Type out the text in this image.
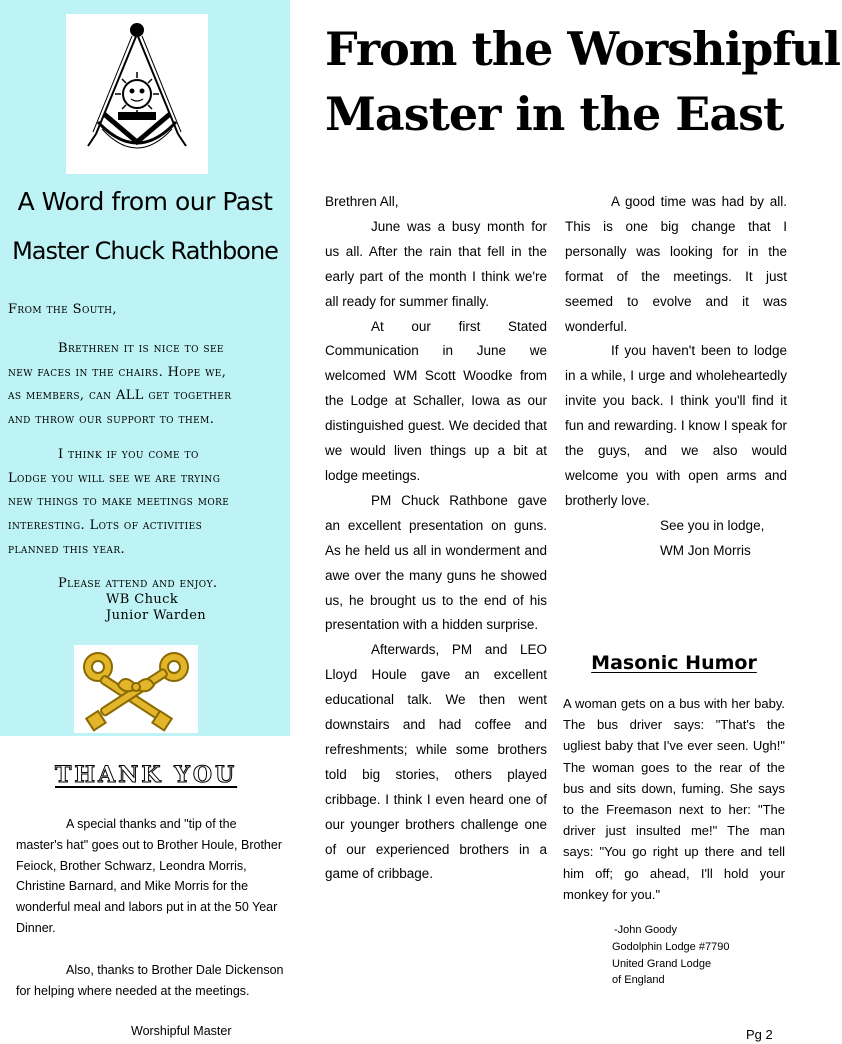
A Word from our Past
Master Chuck Rathbone
From the South,
Brethren it is nice to see
new faces in the chairs. Hope we,
as members, can ALL get together
and throw our support to them.
I think if you come to
Lodge you will see we are trying
new things to make meetings more
interesting. Lots of activities
planned this year.
Please attend and enjoy.
WB Chuck
Junior Warden
THANK YOU

A special thanks and "tip of the master's hat" goes out to Brother Houle, Brother Feiock, Brother Schwarz, Leondra Morris, Christine Barnard, and Mike Morris for the wonderful meal and labors put in at the 50 Year Dinner.

Also, thanks to Brother Dale Dickenson for helping where needed at the meetings.

Worshipful Master
From the Worshipful
Master in the East

Brethren All,

June was a busy month for us all. After the rain that fell in the early part of the month I think we're all ready for summer finally.

At our first Stated Communication in June we welcomed WM Scott Woodke from the Lodge at Schaller, Iowa as our distinguished guest. We decided that we would liven things up a bit at lodge meetings.

PM Chuck Rathbone gave an excellent presentation on guns. As he held us all in wonderment and awe over the many guns he showed us, he brought us to the end of his presentation with a hidden surprise.

Afterwards, PM and LEO Lloyd Houle gave an excellent educational talk. We then went downstairs and had coffee and refreshments; while some brothers told big stories, others played cribbage. I think I even heard one of our younger brothers challenge one of our experienced brothers in a game of cribbage.

A good time was had by all. This is one big change that I personally was looking for in the format of the meetings. It just seemed to evolve and it was wonderful.

If you haven't been to lodge in a while, I urge and wholeheartedly invite you back. I think you'll find it fun and rewarding. I know I speak for the guys, and we also would welcome you with open arms and brotherly love.

See you in lodge,

WM Jon Morris

Masonic Humor
A woman gets on a bus with her baby. The bus driver says: "That's the ugliest baby that I've ever seen. Ugh!" The woman goes to the rear of the bus and sits down, fuming. She says to the Freemason next to her: "The driver just insulted me!" The man says: "You go right up there and tell him off; go ahead, I'll hold your monkey for you."
-John Goody
Godolphin Lodge #7790
United Grand Lodge
of England
Pg 2
